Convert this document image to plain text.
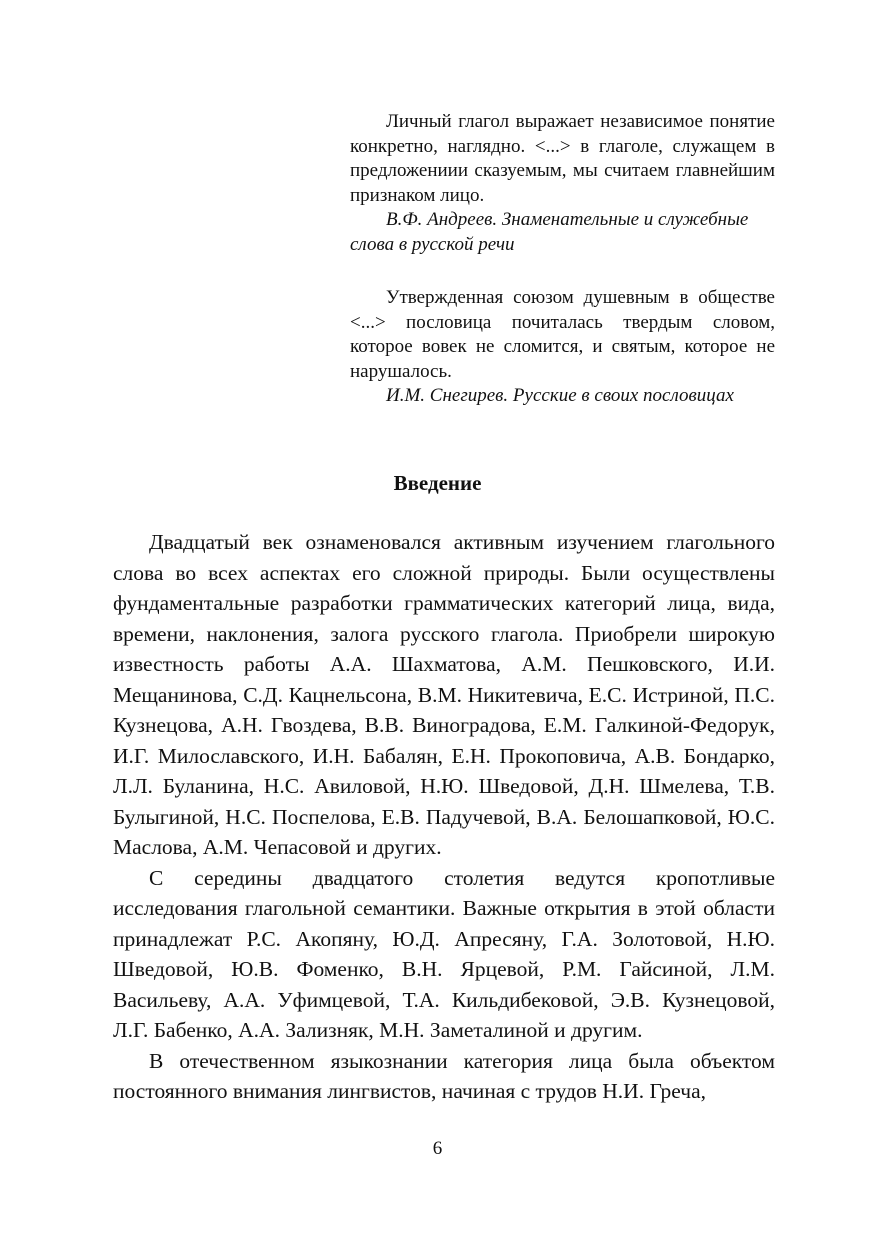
Личный глагол выражает независимое понятие конкретно, наглядно. <...> в глаголе, служащем в предложениии сказуемым, мы считаем главнейшим признаком лицо.

В.Ф. Андреев. Знаменательные и служебные слова в русской речи

Утвержденная союзом душевным в обществе <...> пословица почиталась твердым словом, которое вовек не сломится, и святым, которое не нарушалось.

И.М. Снегирев. Русские в своих пословицах

Введение

Двадцатый век ознаменовался активным изучением глагольного слова во всех аспектах его сложной природы. Были осуществлены фундаментальные разработки грамматических категорий лица, вида, времени, наклонения, залога русского глагола. Приобрели широкую известность работы А.А. Шахматова, А.М. Пешковского, И.И. Мещанинова, С.Д. Кацнельсона, В.М. Никитевича, Е.С. Истриной, П.С. Кузнецова, А.Н. Гвоздева, В.В. Виноградова, Е.М. Галкиной-Федорук, И.Г. Милославского, И.Н. Бабалян, Е.Н. Прокоповича, А.В. Бондарко, Л.Л. Буланина, Н.С. Авиловой, Н.Ю. Шведовой, Д.Н. Шмелева, Т.В. Булыгиной, Н.С. Поспелова, Е.В. Падучевой, В.А. Белошапковой, Ю.С. Маслова, А.М. Чепасовой и других.

С середины двадцатого столетия ведутся кропотливые исследования глагольной семантики. Важные открытия в этой области принадлежат Р.С. Акопяну, Ю.Д. Апресяну, Г.А. Золотовой, Н.Ю. Шведовой, Ю.В. Фоменко, В.Н. Ярцевой, Р.М. Гайсиной, Л.М. Васильеву, А.А. Уфимцевой, Т.А. Кильдибековой, Э.В. Кузнецовой, Л.Г. Бабенко, А.А. Зализняк, М.Н. Заметалиной и другим.

В отечественном языкознании категория лица была объектом постоянного внимания лингвистов, начиная с трудов Н.И. Греча,

6
